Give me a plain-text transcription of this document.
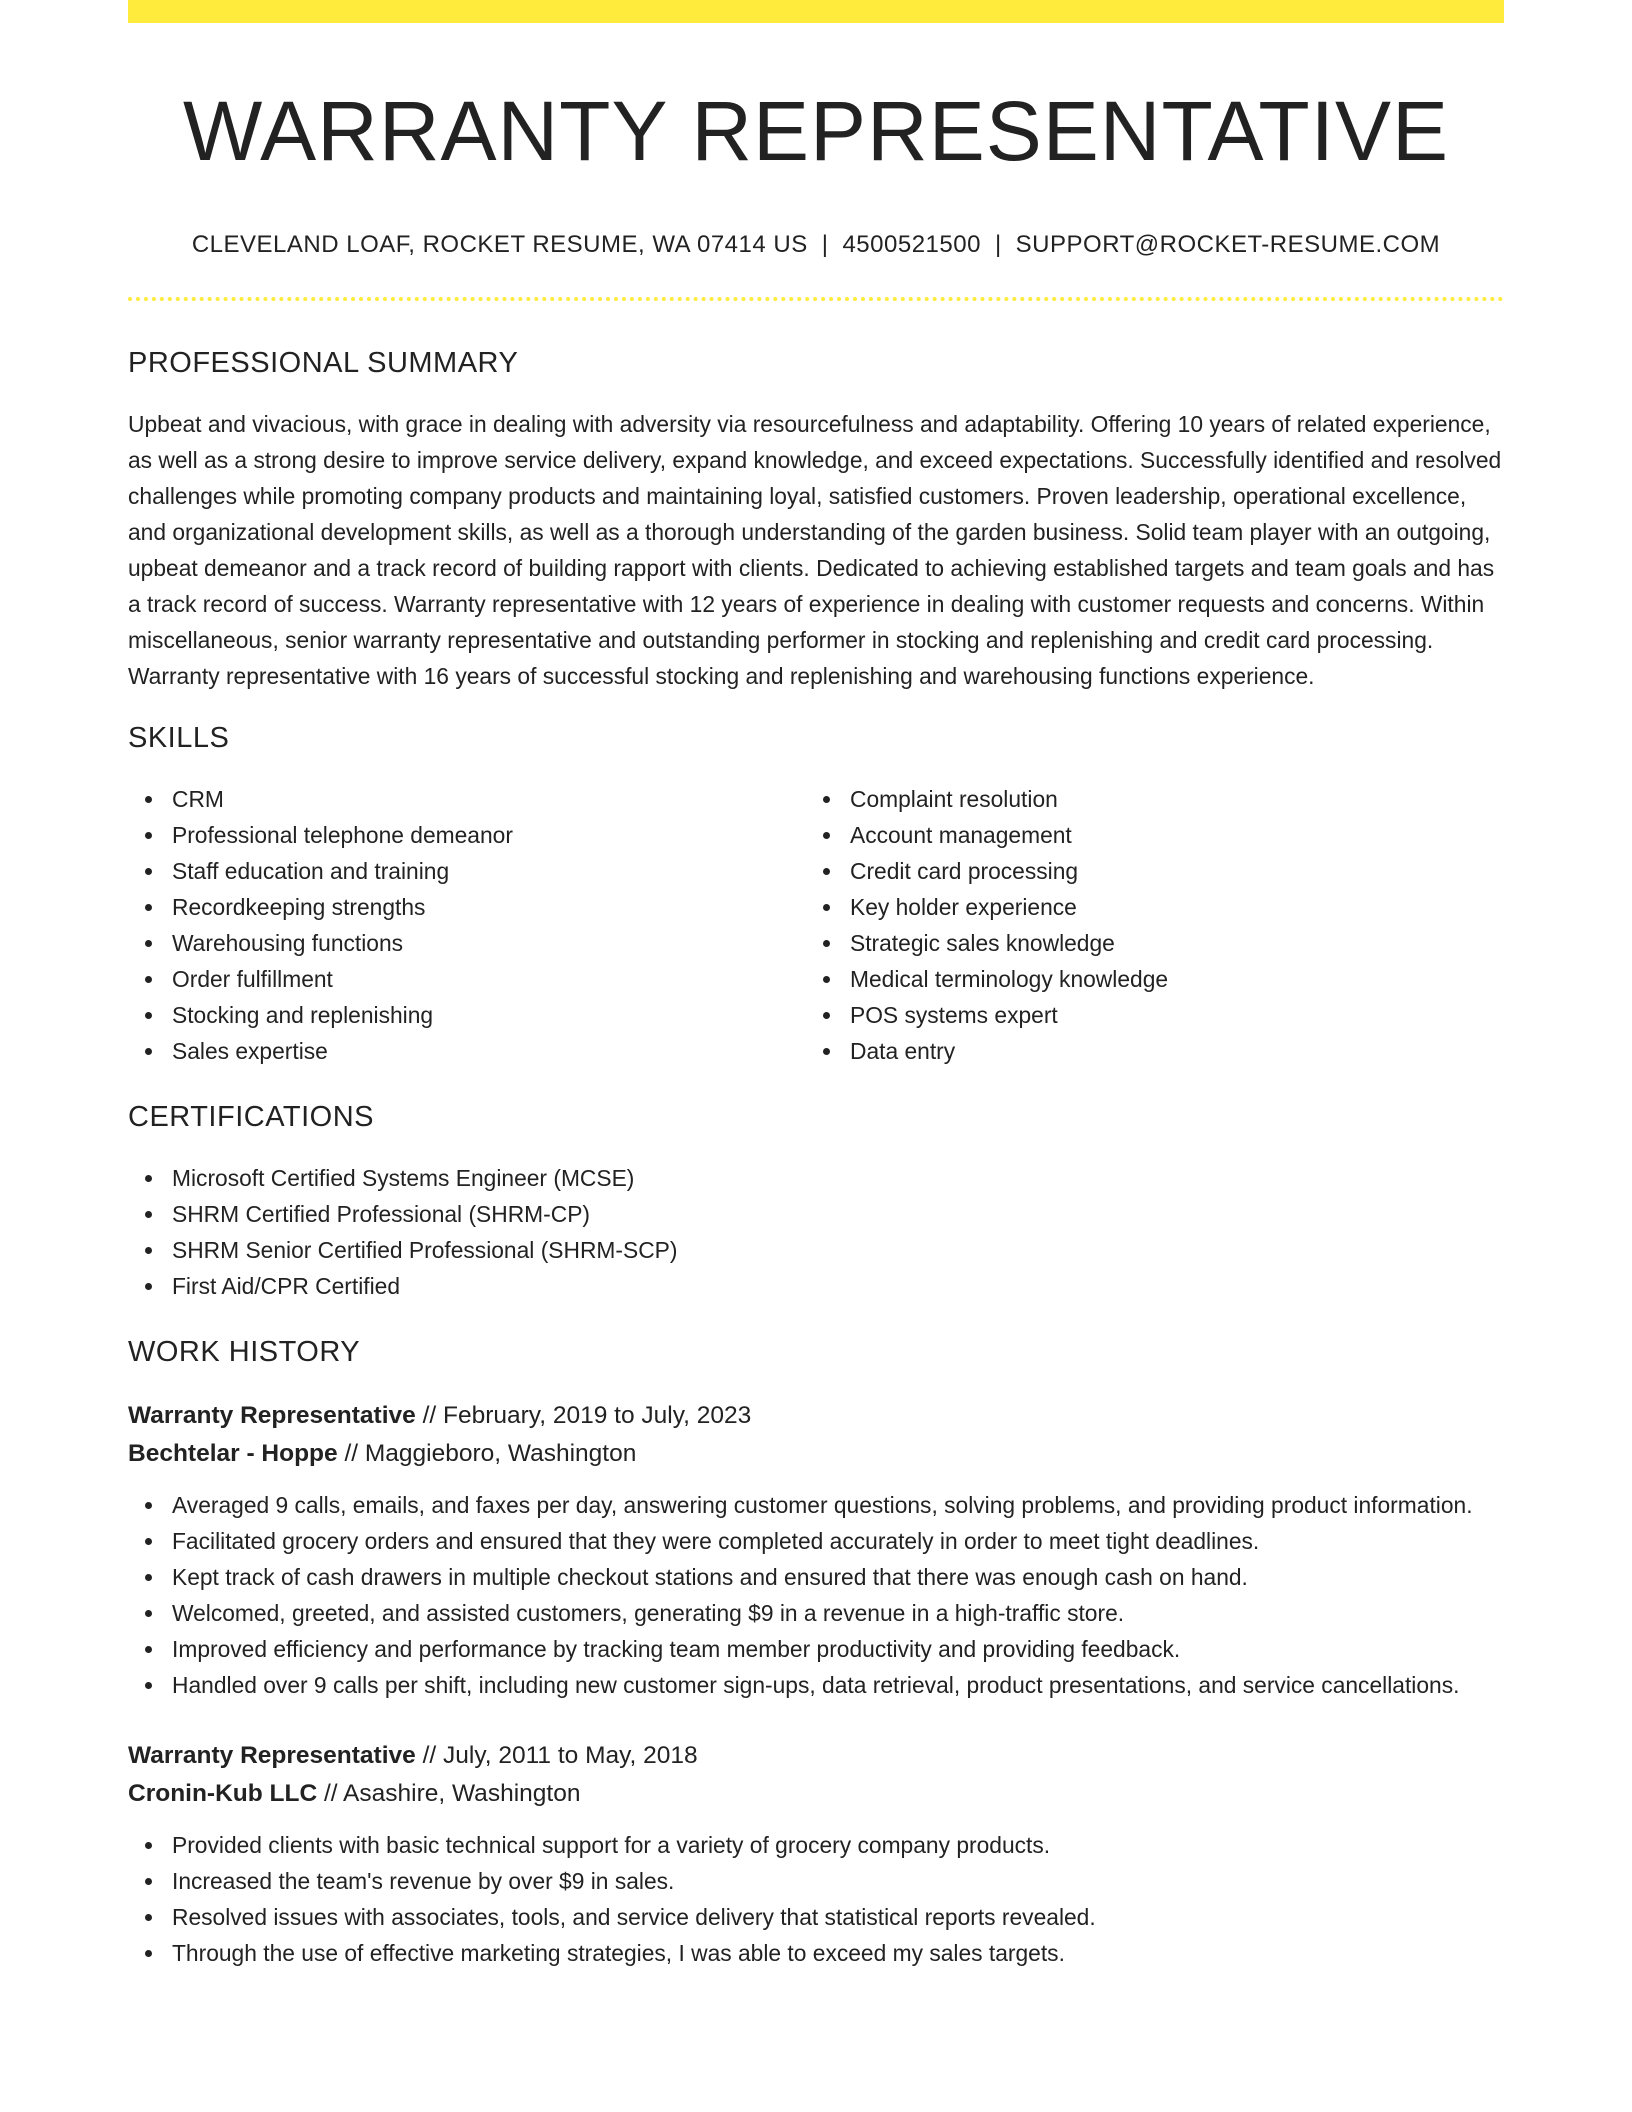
WARRANTY REPRESENTATIVE
CLEVELAND LOAF, ROCKET RESUME, WA 07414 US | 4500521500 | SUPPORT@ROCKET-RESUME.COM
PROFESSIONAL SUMMARY

Upbeat and vivacious, with grace in dealing with adversity via resourcefulness and adaptability. Offering 10 years of related experience, as well as a strong desire to improve service delivery, expand knowledge, and exceed expectations. Successfully identified and resolved challenges while promoting company products and maintaining loyal, satisfied customers. Proven leadership, operational excellence, and organizational development skills, as well as a thorough understanding of the garden business. Solid team player with an outgoing, upbeat demeanor and a track record of building rapport with clients. Dedicated to achieving established targets and team goals and has a track record of success. Warranty representative with 12 years of experience in dealing with customer requests and concerns. Within miscellaneous, senior warranty representative and outstanding performer in stocking and replenishing and credit card processing. Warranty representative with 16 years of successful stocking and replenishing and warehousing functions experience.

SKILLS
CRM
Professional telephone demeanor
Staff education and training
Recordkeeping strengths
Warehousing functions
Order fulfillment
Stocking and replenishing
Sales expertise
Complaint resolution
Account management
Credit card processing
Key holder experience
Strategic sales knowledge
Medical terminology knowledge
POS systems expert
Data entry
CERTIFICATIONS
Microsoft Certified Systems Engineer (MCSE)
SHRM Certified Professional (SHRM-CP)
SHRM Senior Certified Professional (SHRM-SCP)
First Aid/CPR Certified
WORK HISTORY
Warranty Representative // February, 2019 to July, 2023
Bechtelar - Hoppe // Maggieboro, Washington
Averaged 9 calls, emails, and faxes per day, answering customer questions, solving problems, and providing product information.
Facilitated grocery orders and ensured that they were completed accurately in order to meet tight deadlines.
Kept track of cash drawers in multiple checkout stations and ensured that there was enough cash on hand.
Welcomed, greeted, and assisted customers, generating $9 in a revenue in a high-traffic store.
Improved efficiency and performance by tracking team member productivity and providing feedback.
Handled over 9 calls per shift, including new customer sign-ups, data retrieval, product presentations, and service cancellations.
Warranty Representative // July, 2011 to May, 2018
Cronin-Kub LLC // Asashire, Washington
Provided clients with basic technical support for a variety of grocery company products.
Increased the team's revenue by over $9 in sales.
Resolved issues with associates, tools, and service delivery that statistical reports revealed.
Through the use of effective marketing strategies, I was able to exceed my sales targets.
